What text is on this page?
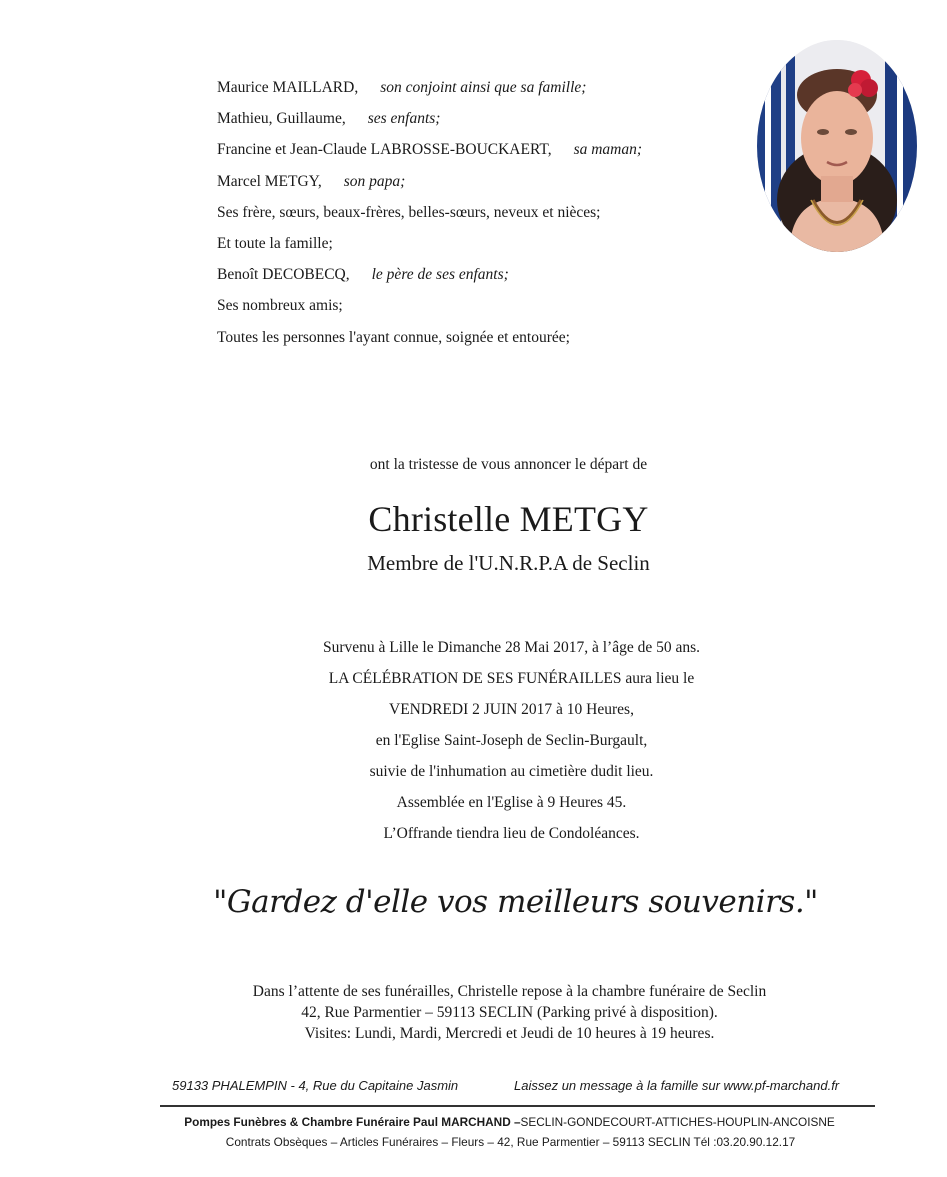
Maurice MAILLARD, son conjoint ainsi que sa famille;
Mathieu, Guillaume, ses enfants;
Francine et Jean-Claude LABROSSE-BOUCKAERT, sa maman;
Marcel METGY, son papa;
Ses frère, sœurs, beaux-frères, belles-sœurs, neveux et nièces;
Et toute la famille;
Benoît DECOBECQ, le père de ses enfants;
Ses nombreux amis;
Toutes les personnes l'ayant connue, soignée et entourée;
ont la tristesse de vous annoncer le départ de
Christelle METGY
Membre de l'U.N.R.P.A de Seclin
Survenu à Lille le Dimanche 28 Mai 2017, à l’âge de 50 ans.
LA CÉLÉBRATION DE SES FUNÉRAILLES aura lieu le
VENDREDI 2 JUIN 2017 à 10 Heures,
en l'Eglise Saint-Joseph de Seclin-Burgault,
suivie de l'inhumation au cimetière dudit lieu.
Assemblée en l'Eglise à 9 Heures 45.
L’Offrande tiendra lieu de Condoléances.
"Gardez d'elle vos meilleurs souvenirs."
Dans l’attente de ses funérailles, Christelle repose à la chambre funéraire de Seclin
42, Rue Parmentier – 59113 SECLIN (Parking privé à disposition).
Visites: Lundi, Mardi, Mercredi et Jeudi de 10 heures à 19 heures.
59133 PHALEMPIN - 4, Rue du Capitaine Jasmin	Laissez un message à la famille sur www.pf-marchand.fr
Pompes Funèbres & Chambre Funéraire Paul MARCHAND –SECLIN-GONDECOURT-ATTICHES-HOUPLIN-ANCOISNE
Contrats Obsèques – Articles Funéraires – Fleurs – 42, Rue Parmentier – 59113 SECLIN Tél :03.20.90.12.17
